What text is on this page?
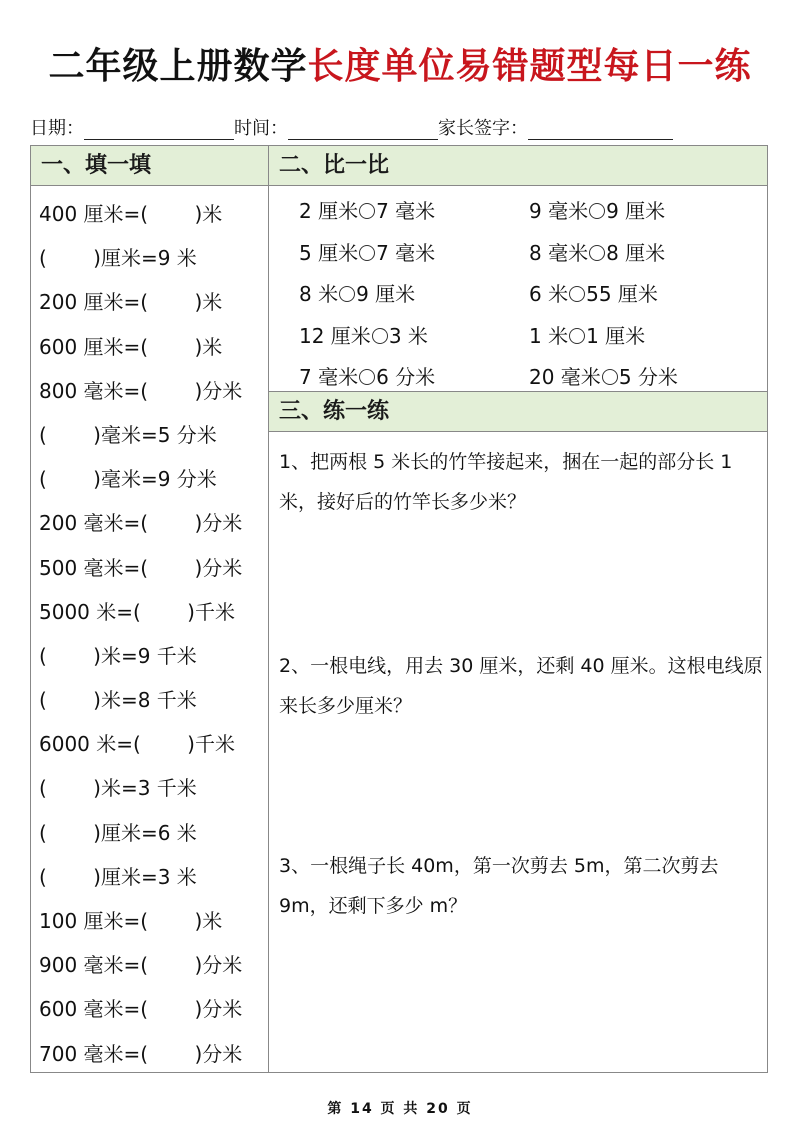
二年级上册数学长度单位易错题型每日一练
日期：	时间：	家长签字：
一、填一填
400 厘米=(　　 )米
(　　 )厘米=9 米
200 厘米=(　　 )米
600 厘米=(　　 )米
800 毫米=(　　 )分米
(　　 )毫米=5 分米
(　　 )毫米=9 分米
200 毫米=(　　 )分米
500 毫米=(　　 )分米
5000 米=(　　 )千米
(　　 )米=9 千米
(　　 )米=8 千米
6000 米=(　　 )千米
(　　 )米=3 千米
(　　 )厘米=6 米
(　　 )厘米=3 米
100 厘米=(　　 )米
900 毫米=(　　 )分米
600 毫米=(　　 )分米
700 毫米=(　　 )分米
二、比一比
2 厘米 7 毫米	9 毫米 9 厘米
5 厘米 7 毫米	8 毫米 8 厘米
8 米 9 厘米	6 米 55 厘米
12 厘米 3 米	1 米 1 厘米
7 毫米 6 分米	20 毫米 5 分米
三、练一练
1、把两根 5 米长的竹竿接起来，捆在一起的部分长 1 米，接好后的竹竿长多少米？
2、一根电线，用去 30 厘米，还剩 40 厘米。这根电线原来长多少厘米？
3、一根绳子长 40m，第一次剪去 5m，第二次剪去 9m，还剩下多少 m？
第 14 页 共 20 页
